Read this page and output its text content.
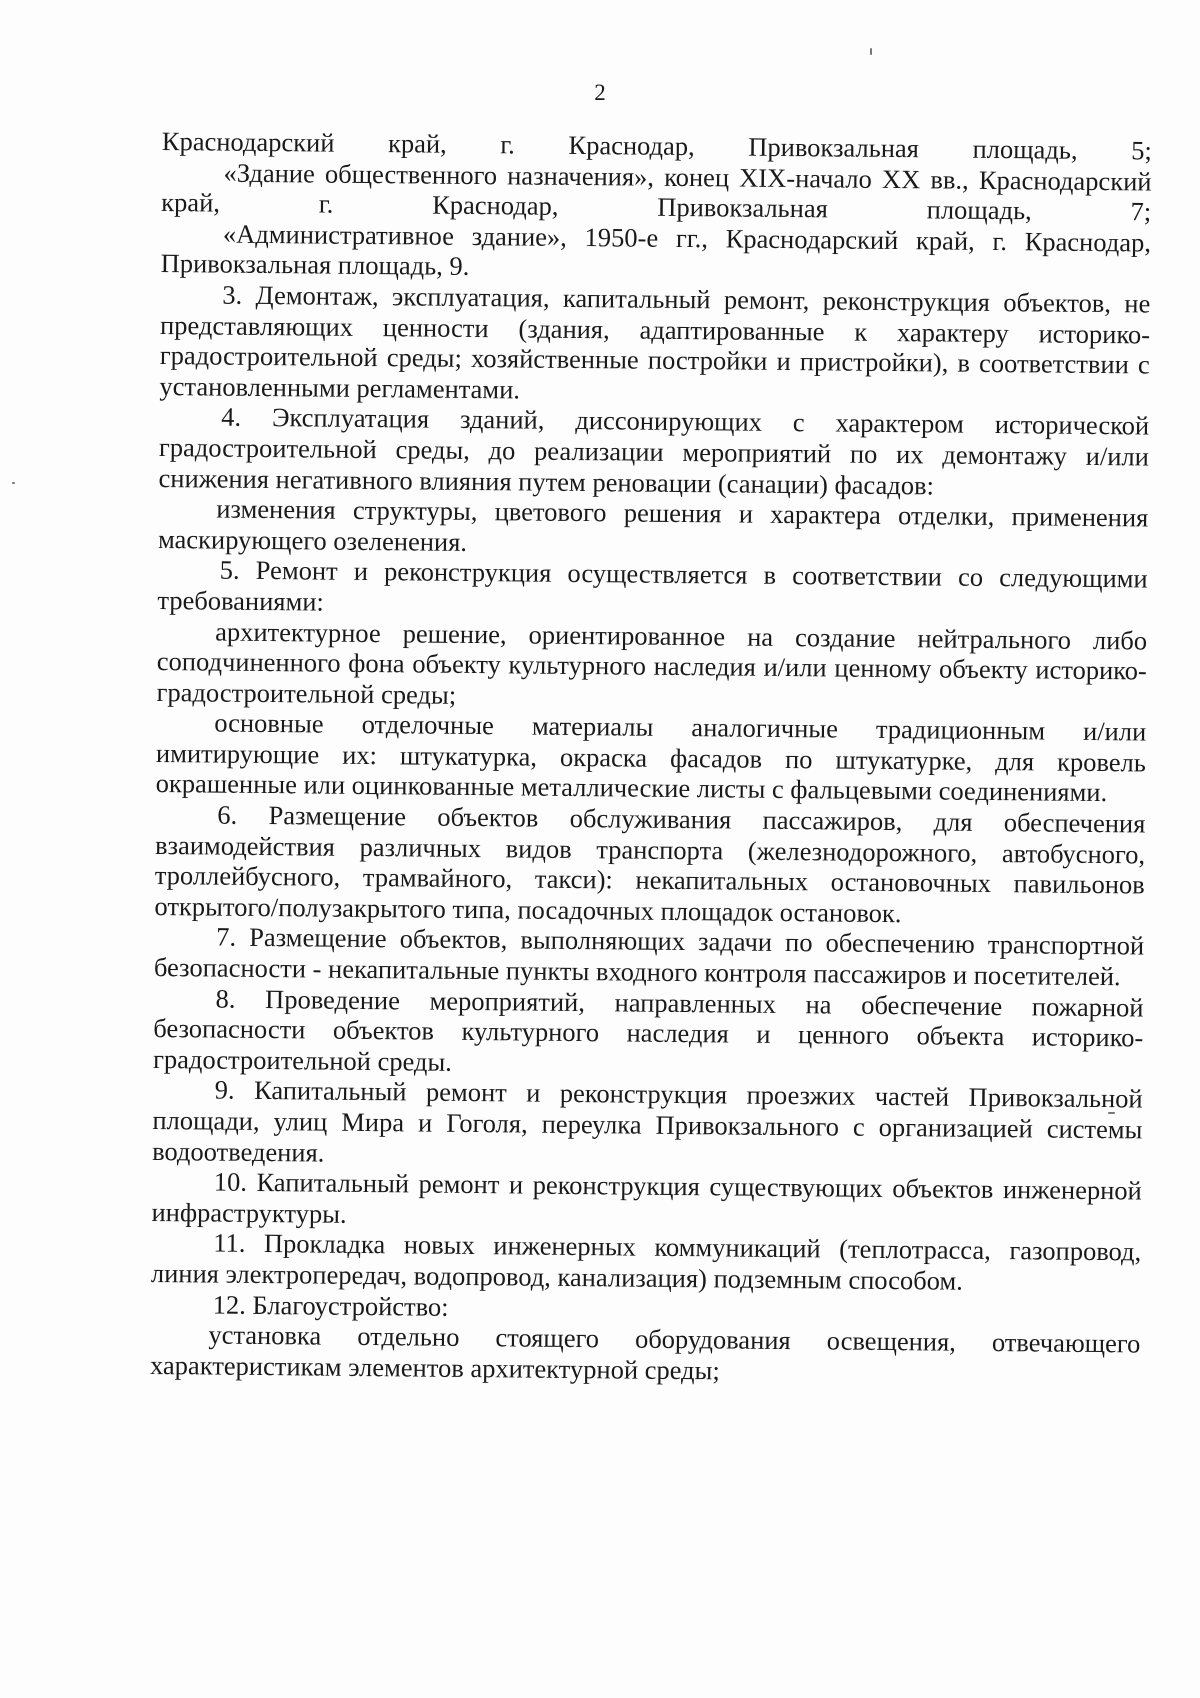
2

Краснодарский край, г. Краснодар, Привокзальная площадь, 5;

«Здание общественного назначения», конец XIX-начало XX вв., Краснодарский край, г. Краснодар, Привокзальная площадь, 7;

«Административное здание», 1950-е гг., Краснодарский край, г. Краснодар, Привокзальная площадь, 9.

3. Демонтаж, эксплуатация, капитальный ремонт, реконструкция объектов, не представляющих ценности (здания, адаптированные к характеру историко-градостроительной среды; хозяйственные постройки и пристройки), в соответствии с установленными регламентами.

4. Эксплуатация зданий, диссонирующих с характером исторической градостроительной среды, до реализации мероприятий по их демонтажу и/или снижения негативного влияния путем реновации (санации) фасадов:

изменения структуры, цветового решения и характера отделки, применения маскирующего озеленения.

5. Ремонт и реконструкция осуществляется в соответствии со следующими требованиями:

архитектурное решение, ориентированное на создание нейтрального либо соподчиненного фона объекту культурного наследия и/или ценному объекту историко-градостроительной среды;

основные отделочные материалы аналогичные традиционным и/или имитирующие их: штукатурка, окраска фасадов по штукатурке, для кровель окрашенные или оцинкованные металлические листы с фальцевыми соединениями.

6. Размещение объектов обслуживания пассажиров, для обеспечения взаимодействия различных видов транспорта (железнодорожного, автобусного, троллейбусного, трамвайного, такси): некапитальных остановочных павильонов открытого/полузакрытого типа, посадочных площадок остановок.

7. Размещение объектов, выполняющих задачи по обеспечению транспортной безопасности - некапитальные пункты входного контроля пассажиров и посетителей.

8. Проведение мероприятий, направленных на обеспечение пожарной безопасности объектов культурного наследия и ценного объекта историко-градостроительной среды.

9. Капитальный ремонт и реконструкция проезжих частей Привокзальной площади, улиц Мира и Гоголя, переулка Привокзального с организацией системы водоотведения.

10. Капитальный ремонт и реконструкция существующих объектов инженерной инфраструктуры.

11. Прокладка новых инженерных коммуникаций (теплотрасса, газопровод, линия электропередач, водопровод, канализация) подземным способом.

12. Благоустройство:

установка отдельно стоящего оборудования освещения, отвечающего характеристикам элементов архитектурной среды;
